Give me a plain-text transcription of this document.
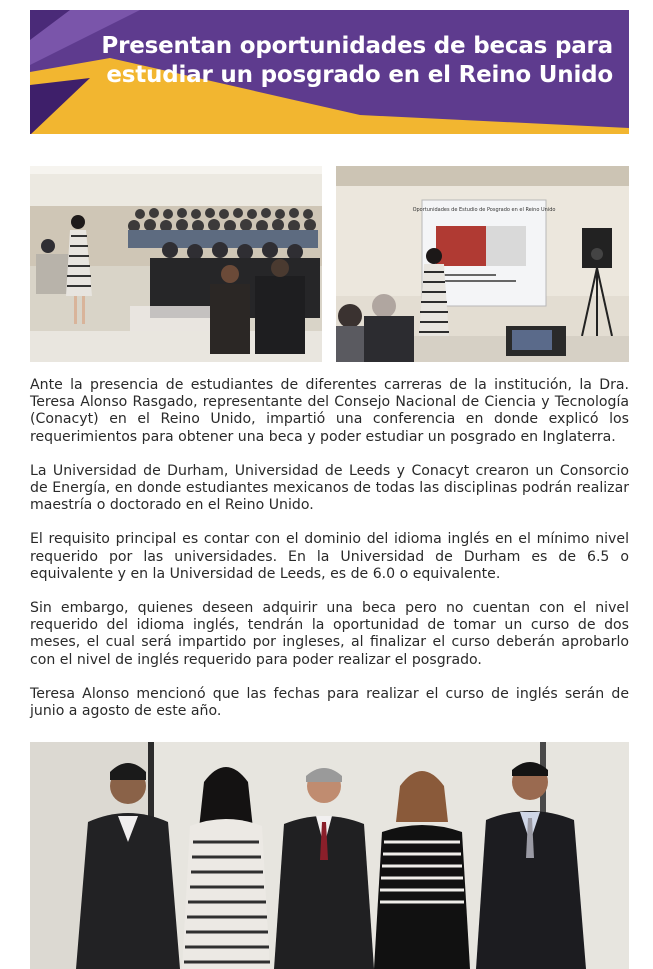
Presentan oportunidades de becas para estudiar un posgrado en el Reino Unido
Oportunidades de Estudio de Posgrado en el Reino Unido

Ante la presencia de estudiantes de diferentes carreras de la institución, la Dra. Teresa Alonso Rasgado, representante del Consejo Nacional de Ciencia y Tecnología (Conacyt) en el Reino Unido, impartió una conferencia en donde explicó los requerimientos para obtener una beca y poder estudiar un posgrado en Inglaterra.

La Universidad de Durham, Universidad de Leeds y Conacyt crearon un Consorcio de Energía, en donde estudiantes mexicanos de todas las disciplinas podrán realizar maestría o doctorado en el Reino Unido.

El requisito principal es contar con el dominio del idioma inglés en el mínimo nivel requerido por las universidades. En la Universidad de Durham es de 6.5 o equivalente y en la Universidad de Leeds, es de 6.0 o equivalente.

Sin embargo, quienes deseen adquirir una beca pero no cuentan con el nivel requerido del idioma inglés, tendrán la oportunidad de tomar un curso de dos meses, el cual será impartido por ingleses, al finalizar el curso deberán aprobarlo con el nivel de inglés requerido para poder realizar el posgrado.

Teresa Alonso mencionó que las fechas para realizar el curso de inglés serán de junio a agosto de este año.
